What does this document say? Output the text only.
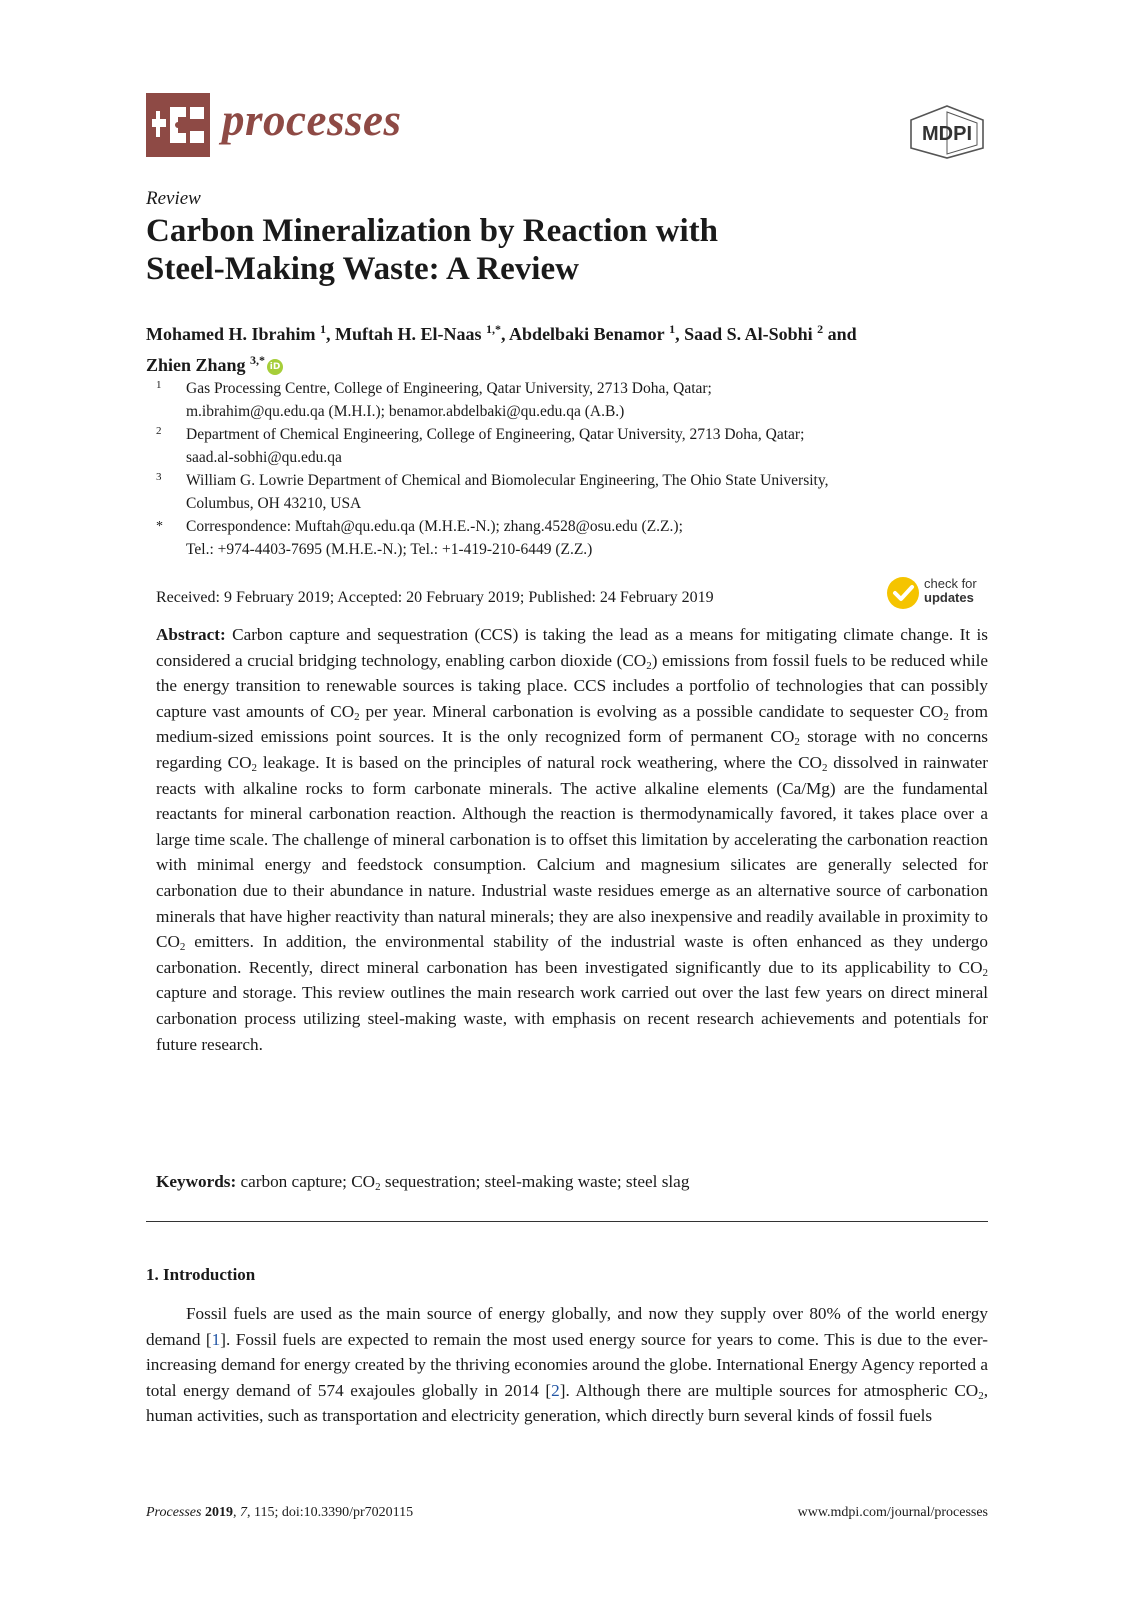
processes	MDPI
Review
Carbon Mineralization by Reaction with
Steel-Making Waste: A Review
Mohamed H. Ibrahim $^1$, Muftah H. El-Naas $^{1,*}$, Abdelbaki Benamor $^1$, Saad S. Al-Sobhi $^2$ and
Zhien Zhang $^{3,*}$ iD
1 Gas Processing Centre, College of Engineering, Qatar University, 2713 Doha, Qatar;
m.ibrahim@qu.edu.qa (M.H.I.); benamor.abdelbaki@qu.edu.qa (A.B.)
2 Department of Chemical Engineering, College of Engineering, Qatar University, 2713 Doha, Qatar;
saad.al-sobhi@qu.edu.qa
3 William G. Lowrie Department of Chemical and Biomolecular Engineering, The Ohio State University,
Columbus, OH 43210, USA
* Correspondence: Muftah@qu.edu.qa (M.H.E.-N.); zhang.4528@osu.edu (Z.Z.);
Tel.: +974-4403-7695 (M.H.E.-N.); Tel.: +1-419-210-6449 (Z.Z.)
Received: 9 February 2019; Accepted: 20 February 2019; Published: 24 February 2019
check for
updates

Abstract: Carbon capture and sequestration (CCS) is taking the lead as a means for mitigating climate change. It is considered a crucial bridging technology, enabling carbon dioxide $(CO_2)$ emissions from fossil fuels to be reduced while the energy transition to renewable sources is taking place. CCS includes a portfolio of technologies that can possibly capture vast amounts of $CO_2$ per year. Mineral carbonation is evolving as a possible candidate to sequester $CO_2$ from medium-sized emissions point sources. It is the only recognized form of permanent $CO_2$ storage with no concerns regarding $CO_2$ leakage. It is based on the principles of natural rock weathering, where the $CO_2$ dissolved in rainwater reacts with alkaline rocks to form carbonate minerals. The active alkaline elements (Ca/Mg) are the fundamental reactants for mineral carbonation reaction. Although the reaction is thermodynamically favored, it takes place over a large time scale. The challenge of mineral carbonation is to offset this limitation by accelerating the carbonation reaction with minimal energy and feedstock consumption. Calcium and magnesium silicates are generally selected for carbonation due to their abundance in nature. Industrial waste residues emerge as an alternative source of carbonation minerals that have higher reactivity than natural minerals; they are also inexpensive and readily available in proximity to $CO_2$ emitters. In addition, the environmental stability of the industrial waste is often enhanced as they undergo carbonation. Recently, direct mineral carbonation has been investigated significantly due to its applicability to $CO_2$ capture and storage. This review outlines the main research work carried out over the last few years on direct mineral carbonation process utilizing steel-making waste, with emphasis on recent research achievements and potentials for future research.

Keywords: carbon capture; $CO_2$ sequestration; steel-making waste; steel slag

1. Introduction

Fossil fuels are used as the main source of energy globally, and now they supply over 80% of the world energy demand [1]. Fossil fuels are expected to remain the most used energy source for years to come. This is due to the ever-increasing demand for energy created by the thriving economies around the globe. International Energy Agency reported a total energy demand of 574 exajoules globally in 2014 [2]. Although there are multiple sources for atmospheric $CO_2$, human activities, such as transportation and electricity generation, which directly burn several kinds of fossil fuels

Processes 2019, 7, 115; doi:10.3390/pr7020115	www.mdpi.com/journal/processes
